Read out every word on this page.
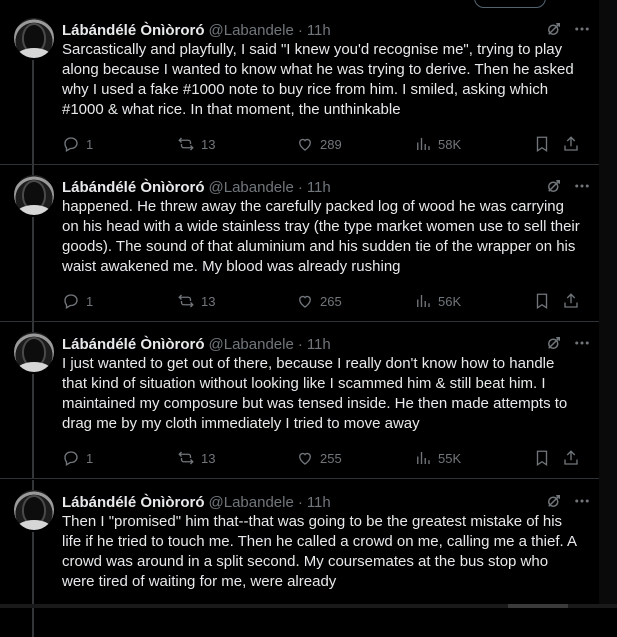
Lábándélé Ònìòroró @Labandele · 11h
Sarcastically and playfully, I said "I knew you'd recognise me", trying to play along because I wanted to know what he was trying to derive. Then he asked why I used a fake #1000 note to buy rice from him. I smiled, asking which #1000 & what rice. In that moment, the unthinkable
1	13	289	58K
Lábándélé Ònìòroró @Labandele · 11h
happened. He threw away the carefully packed log of wood he was carrying on his head with a wide stainless tray (the type market women use to sell their goods). The sound of that aluminium and his sudden tie of the wrapper on his waist awakened me. My blood was already rushing
1	13	265	56K
Lábándélé Ònìòroró @Labandele · 11h
I just wanted to get out of there, because I really don't know how to handle that kind of situation without looking like I scammed him & still beat him. I maintained my composure but was tensed inside. He then made attempts to drag me by my cloth immediately I tried to move away
1	13	255	55K
Lábándélé Ònìòroró @Labandele · 11h
Then I "promised" him that--that was going to be the greatest mistake of his life if he tried to touch me. Then he called a crowd on me, calling me a thief. A crowd was around in a split second. My coursemates at the bus stop who were tired of waiting for me, were already
